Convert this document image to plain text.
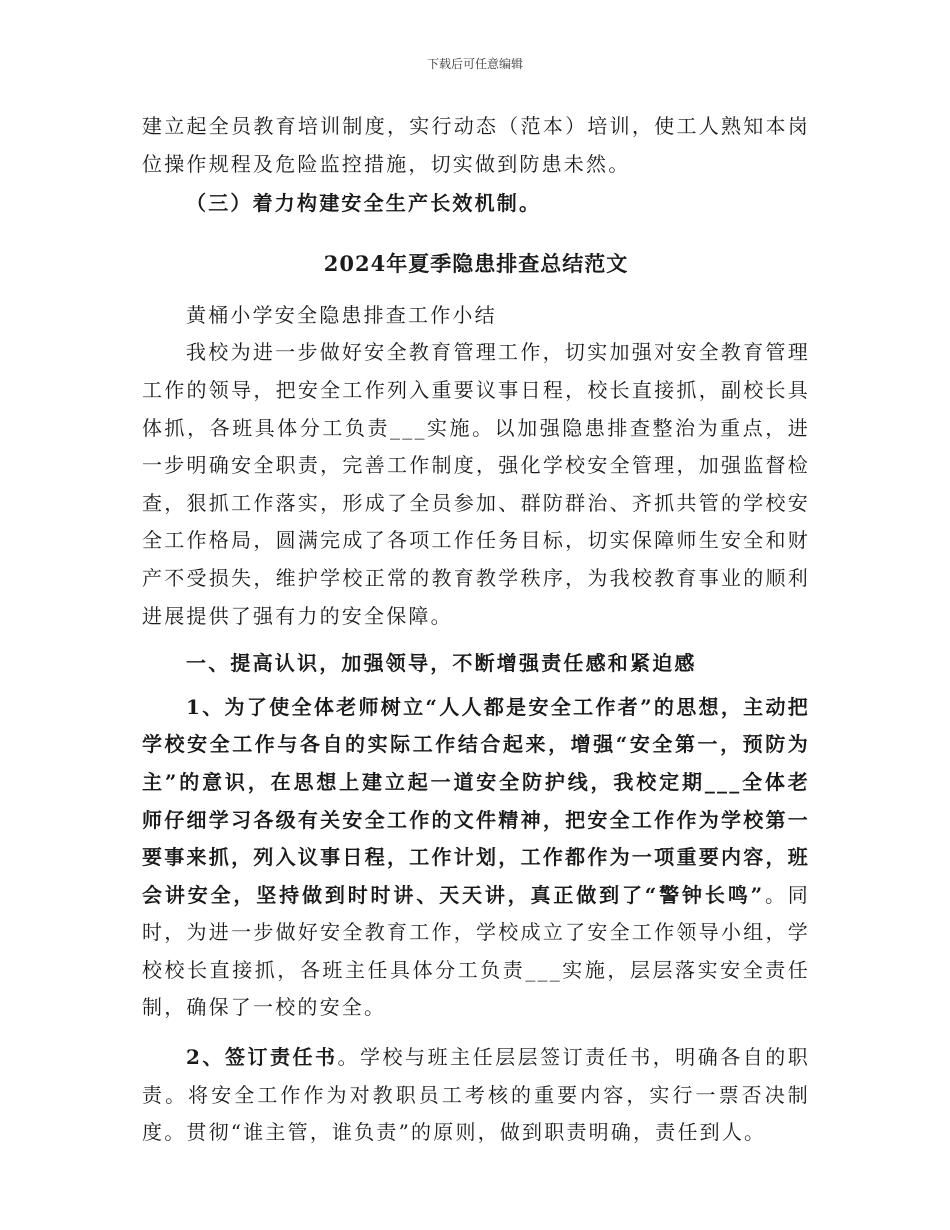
下载后可任意编辑

建立起全员教育培训制度，实行动态（范本）培训，使工人熟知本岗位操作规程及危险监控措施，切实做到防患未然。

（三）着力构建安全生产长效机制。

2024年夏季隐患排查总结范文

黄桶小学安全隐患排查工作小结

我校为进一步做好安全教育管理工作，切实加强对安全教育管理工作的领导，把安全工作列入重要议事日程，校长直接抓，副校长具体抓，各班具体分工负责___实施。以加强隐患排查整治为重点，进一步明确安全职责，完善工作制度，强化学校安全管理，加强监督检查，狠抓工作落实，形成了全员参加、群防群治、齐抓共管的学校安全工作格局，圆满完成了各项工作任务目标，切实保障师生安全和财产不受损失，维护学校正常的教育教学秩序，为我校教育事业的顺利进展提供了强有力的安全保障。

一、提高认识，加强领导，不断增强责任感和紧迫感

1、为了使全体老师树立“人人都是安全工作者”的思想，主动把学校安全工作与各自的实际工作结合起来，增强“安全第一，预防为主”的意识，在思想上建立起一道安全防护线，我校定期___全体老师仔细学习各级有关安全工作的文件精神，把安全工作作为学校第一要事来抓，列入议事日程，工作计划，工作都作为一项重要内容，班会讲安全，坚持做到时时讲、天天讲，真正做到了“警钟长鸣”。同时，为进一步做好安全教育工作，学校成立了安全工作领导小组，学校校长直接抓，各班主任具体分工负责___实施，层层落实安全责任制，确保了一校的安全。

2、签订责任书。学校与班主任层层签订责任书，明确各自的职责。将安全工作作为对教职员工考核的重要内容，实行一票否决制度。贯彻“谁主管，谁负责”的原则，做到职责明确，责任到人。
